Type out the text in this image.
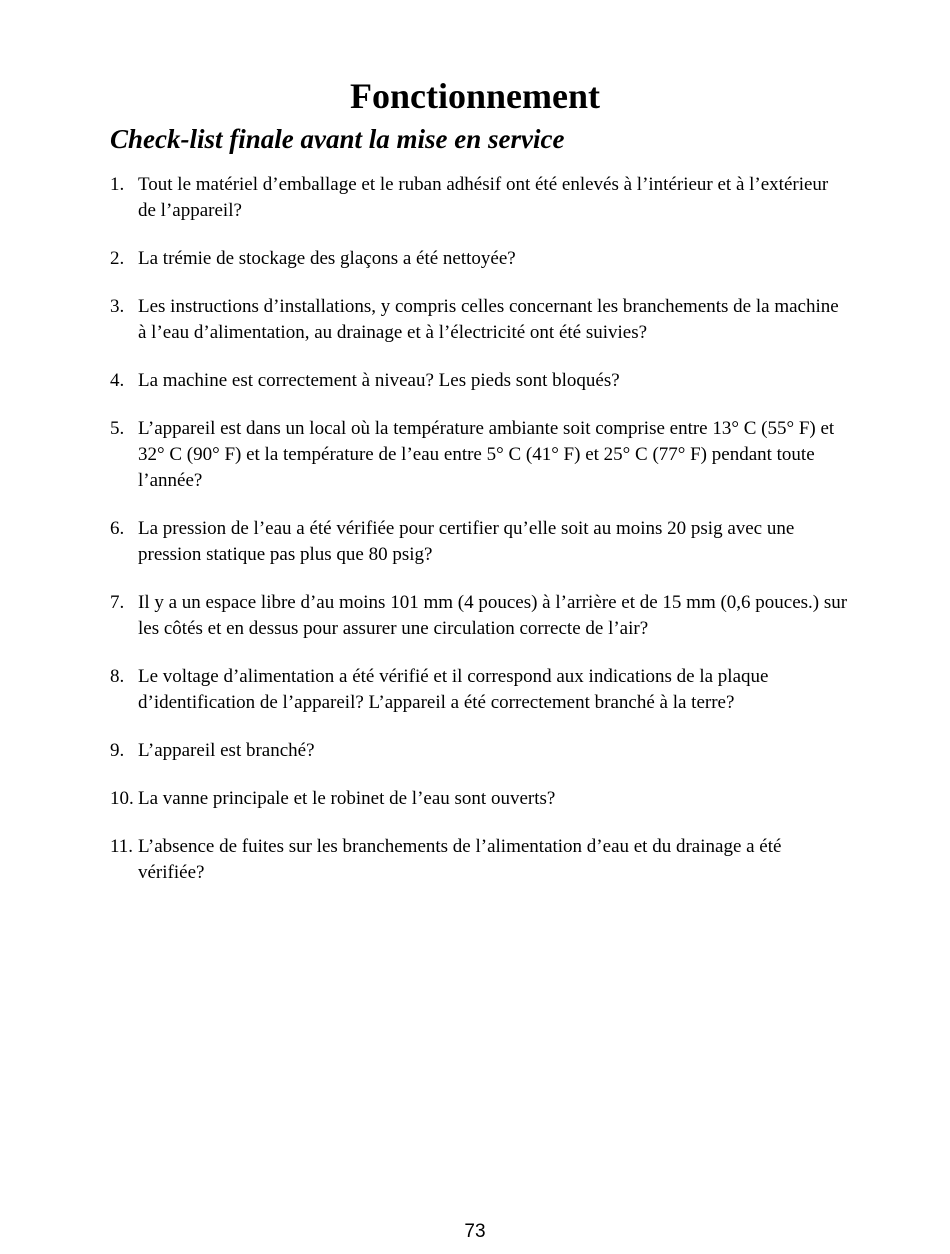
Fonctionnement
Check-list finale avant la mise en service
1. Tout le matériel d’emballage et le ruban adhésif ont été enlevés à l’intérieur et à l’extérieur de l’appareil?
2. La trémie de stockage des glaçons a été nettoyée?
3. Les instructions d’installations, y compris celles concernant les branchements de la machine à l’eau d’alimentation, au drainage et à l’électricité ont été suivies?
4. La machine est correctement à niveau? Les pieds sont bloqués?
5. L’appareil est dans un local où la température ambiante soit comprise entre 13° C (55° F) et 32° C (90° F) et la température de l’eau entre 5° C (41° F) et 25° C (77° F) pendant toute l’année?
6. La pression de l’eau a été vérifiée pour certifier qu’elle soit au moins 20 psig avec une pression statique pas plus que 80 psig?
7. Il y a un espace libre d’au moins 101 mm (4 pouces) à l’arrière et de 15 mm (0,6 pouces.) sur les côtés et en dessus pour assurer une circulation correcte de l’air?
8. Le voltage d’alimentation a été vérifié et il correspond aux indications de la plaque d’identification de l’appareil? L’appareil a été correctement branché à la terre?
9. L’appareil est branché?
10. La vanne principale et le robinet de l’eau sont ouverts?
11. L’absence de fuites sur les branchements de l’alimentation d’eau et du drainage a été vérifiée?
73
